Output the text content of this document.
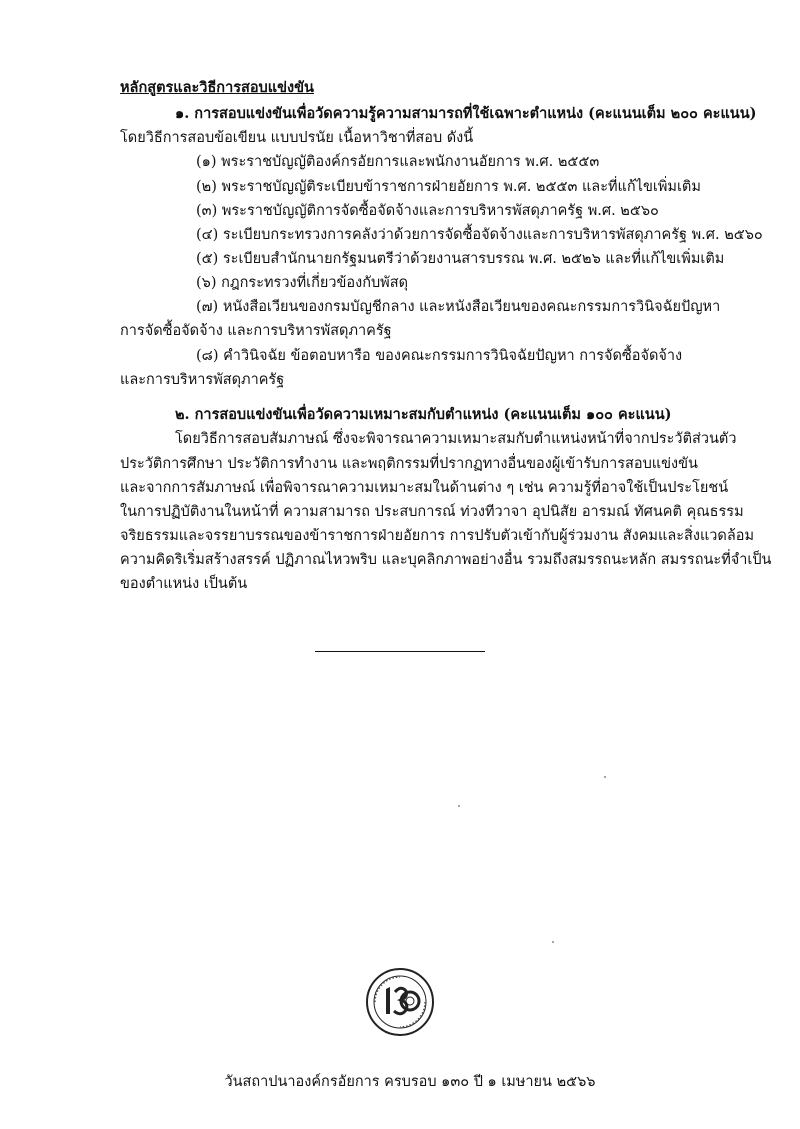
หลักสูตรและวิธีการสอบแข่งขัน
๑. การสอบแข่งขันเพื่อวัดความรู้ความสามารถที่ใช้เฉพาะตำแหน่ง (คะแนนเต็ม ๒๐๐ คะแนน)
โดยวิธีการสอบข้อเขียน แบบปรนัย เนื้อหาวิชาที่สอบ ดังนี้
(๑) พระราชบัญญัติองค์กรอัยการและพนักงานอัยการ พ.ศ. ๒๕๕๓
(๒) พระราชบัญญัติระเบียบข้าราชการฝ่ายอัยการ พ.ศ. ๒๕๕๓ และที่แก้ไขเพิ่มเติม
(๓) พระราชบัญญัติการจัดซื้อจัดจ้างและการบริหารพัสดุภาครัฐ พ.ศ. ๒๕๖๐
(๔) ระเบียบกระทรวงการคลังว่าด้วยการจัดซื้อจัดจ้างและการบริหารพัสดุภาครัฐ พ.ศ. ๒๕๖๐
(๕) ระเบียบสำนักนายกรัฐมนตรีว่าด้วยงานสารบรรณ พ.ศ. ๒๕๒๖ และที่แก้ไขเพิ่มเติม
(๖) กฎกระทรวงที่เกี่ยวข้องกับพัสดุ
(๗) หนังสือเวียนของกรมบัญชีกลาง และหนังสือเวียนของคณะกรรมการวินิจฉัยปัญหา
การจัดซื้อจัดจ้าง และการบริหารพัสดุภาครัฐ
(๘) คำวินิจฉัย ข้อตอบหารือ ของคณะกรรมการวินิจฉัยปัญหา การจัดซื้อจัดจ้าง
และการบริหารพัสดุภาครัฐ
๒. การสอบแข่งขันเพื่อวัดความเหมาะสมกับตำแหน่ง (คะแนนเต็ม ๑๐๐ คะแนน)
โดยวิธีการสอบสัมภาษณ์ ซึ่งจะพิจารณาความเหมาะสมกับตำแหน่งหน้าที่จากประวัติส่วนตัว
ประวัติการศึกษา ประวัติการทำงาน และพฤติกรรมที่ปรากฏทางอื่นของผู้เข้ารับการสอบแข่งขัน
และจากการสัมภาษณ์ เพื่อพิจารณาความเหมาะสมในด้านต่าง ๆ เช่น ความรู้ที่อาจใช้เป็นประโยชน์
ในการปฏิบัติงานในหน้าที่ ความสามารถ ประสบการณ์ ท่วงทีวาจา อุปนิสัย อารมณ์ ทัศนคติ คุณธรรม
จริยธรรมและจรรยาบรรณของข้าราชการฝ่ายอัยการ การปรับตัวเข้ากับผู้ร่วมงาน สังคมและสิ่งแวดล้อม
ความคิดริเริ่มสร้างสรรค์ ปฏิภาณไหวพริบ และบุคลิกภาพอย่างอื่น รวมถึงสมรรถนะหลัก สมรรถนะที่จำเป็น
ของตำแหน่ง เป็นต้น
วันสถาปนาองค์กรอัยการ ครบรอบ ๑๓๐ ปี ๑ เมษายน ๒๕๖๖
